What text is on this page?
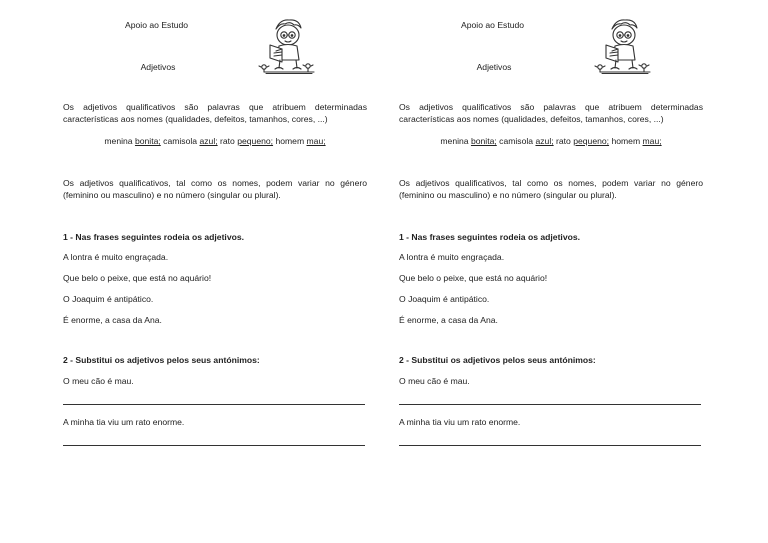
Apoio ao Estudo
Adjetivos
Os adjetivos qualificativos são palavras que atribuem determinadas características aos nomes (qualidades, defeitos, tamanhos, cores, ...)
menina bonita; camisola azul; rato pequeno; homem mau;
Os adjetivos qualificativos, tal como os nomes, podem variar no género (feminino ou masculino) e no número (singular ou plural).
1 - Nas frases seguintes rodeia os adjetivos.
A lontra é muito engraçada.
Que belo o peixe, que está no aquário!
O Joaquim é antipático.
É enorme, a casa da Ana.
2 - Substitui os adjetivos pelos seus antónimos:
O meu cão é mau.
A minha tia viu um rato enorme.
Apoio ao Estudo
Adjetivos
Os adjetivos qualificativos são palavras que atribuem determinadas características aos nomes (qualidades, defeitos, tamanhos, cores, ...)
menina bonita; camisola azul; rato pequeno; homem mau;
Os adjetivos qualificativos, tal como os nomes, podem variar no género (feminino ou masculino) e no número (singular ou plural).
1 - Nas frases seguintes rodeia os adjetivos.
A lontra é muito engraçada.
Que belo o peixe, que está no aquário!
O Joaquim é antipático.
É enorme, a casa da Ana.
2 - Substitui os adjetivos pelos seus antónimos:
O meu cão é mau.
A minha tia viu um rato enorme.
